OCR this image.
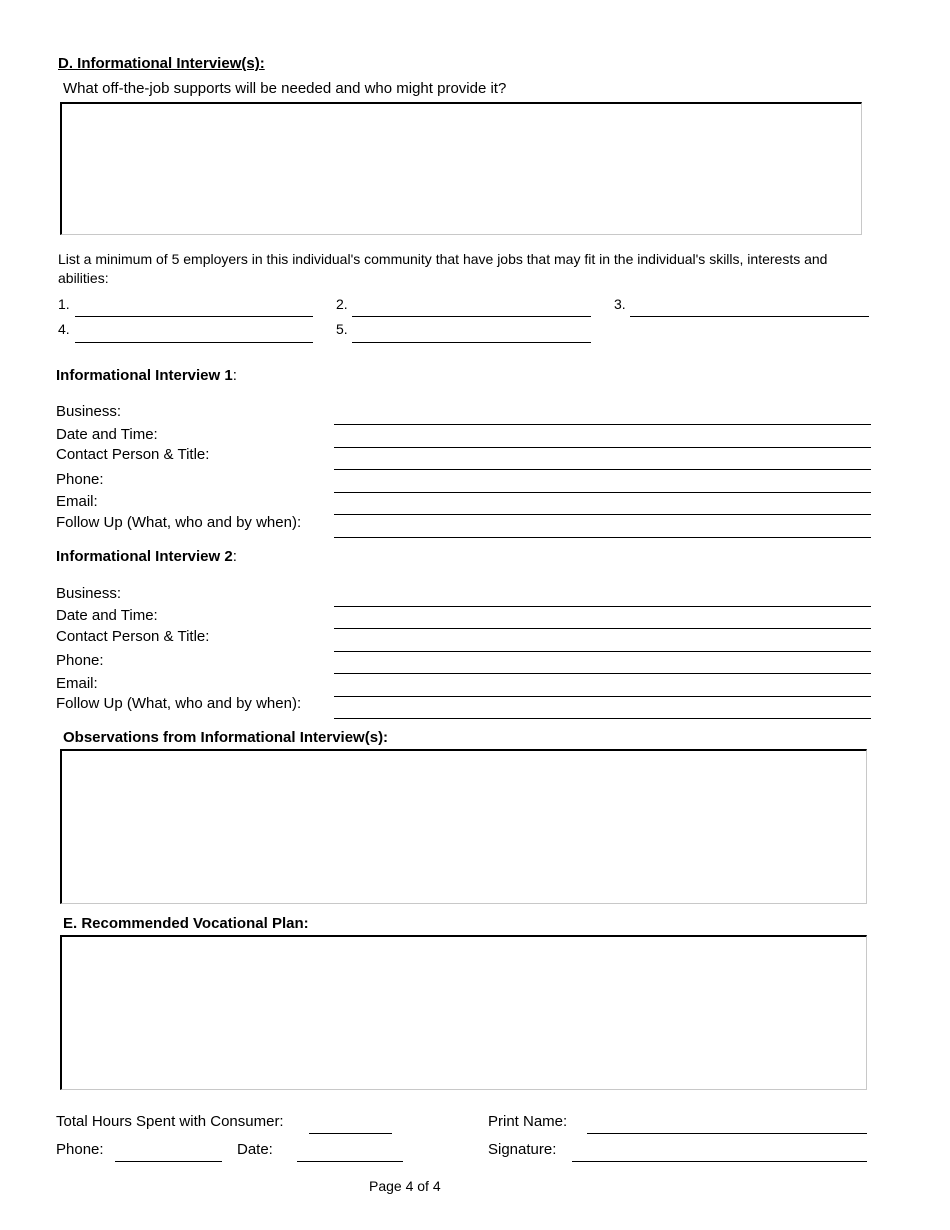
D. Informational Interview(s):
What off-the-job supports will be needed and who might provide it?
List a minimum of 5 employers in this individual's community that have jobs that may fit in the individual's skills, interests and
abilities:
1.	2.	3.
4.	5.
Informational Interview 1:
Business:
Date and Time:
Contact Person & Title:
Phone:
Email:
Follow Up (What, who and by when):
Informational Interview 2:
Business:
Date and Time:
Contact Person & Title:
Phone:
Email:
Follow Up (What, who and by when):
Observations from Informational Interview(s):
E. Recommended Vocational Plan:
Total Hours Spent with Consumer:
Phone:	Date:
Print Name:
Signature:
Page 4 of 4
